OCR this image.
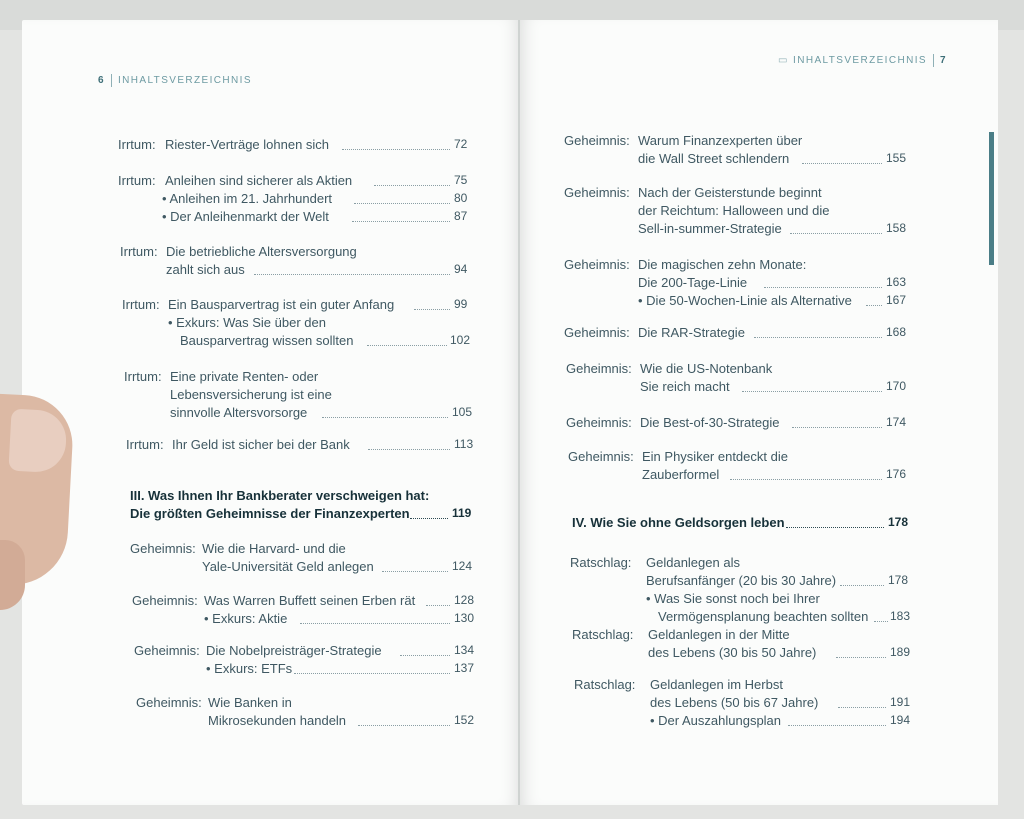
6 INHALTSVERZEICHNIS
Irrtum: Riester-Verträge lohnen sich	72
Irrtum: Anleihen sind sicherer als Aktien	75
• Anleihen im 21. Jahrhundert	80
• Der Anleihenmarkt der Welt	87
Irrtum: Die betriebliche Altersversorgung
zahlt sich aus	94
Irrtum: Ein Bausparvertrag ist ein guter Anfang	99
• Exkurs: Was Sie über den
Bausparvertrag wissen sollten	102
Irrtum: Eine private Renten- oder
Lebensversicherung ist eine
sinnvolle Altersvorsorge	105
Irrtum: Ihr Geld ist sicher bei der Bank	113
III. Was Ihnen Ihr Bankberater verschweigen hat:
Die größten Geheimnisse der Finanzexperten	119
Geheimnis: Wie die Harvard- und die
Yale-Universität Geld anlegen	124
Geheimnis: Was Warren Buffett seinen Erben rät	128
• Exkurs: Aktie	130
Geheimnis: Die Nobelpreisträger-Strategie	134
• Exkurs: ETFs	137
Geheimnis: Wie Banken in
Mikrosekunden handeln	152
▭ INHALTSVERZEICHNIS 7
Geheimnis: Warum Finanzexperten über
die Wall Street schlendern	155
Geheimnis: Nach der Geisterstunde beginnt
der Reichtum: Halloween und die
Sell-in-summer-Strategie	158
Geheimnis: Die magischen zehn Monate:
Die 200-Tage-Linie	163
• Die 50-Wochen-Linie als Alternative	167
Geheimnis: Die RAR-Strategie	168
Geheimnis: Wie die US-Notenbank
Sie reich macht	170
Geheimnis: Die Best-of-30-Strategie	174
Geheimnis: Ein Physiker entdeckt die
Zauberformel	176
IV. Wie Sie ohne Geldsorgen leben	178
Ratschlag: Geldanlegen als
Berufsanfänger (20 bis 30 Jahre)	178
• Was Sie sonst noch bei Ihrer
Vermögensplanung beachten sollten 183
Ratschlag: Geldanlegen in der Mitte
des Lebens (30 bis 50 Jahre)	189
Ratschlag: Geldanlegen im Herbst
des Lebens (50 bis 67 Jahre)	191
• Der Auszahlungsplan	194
